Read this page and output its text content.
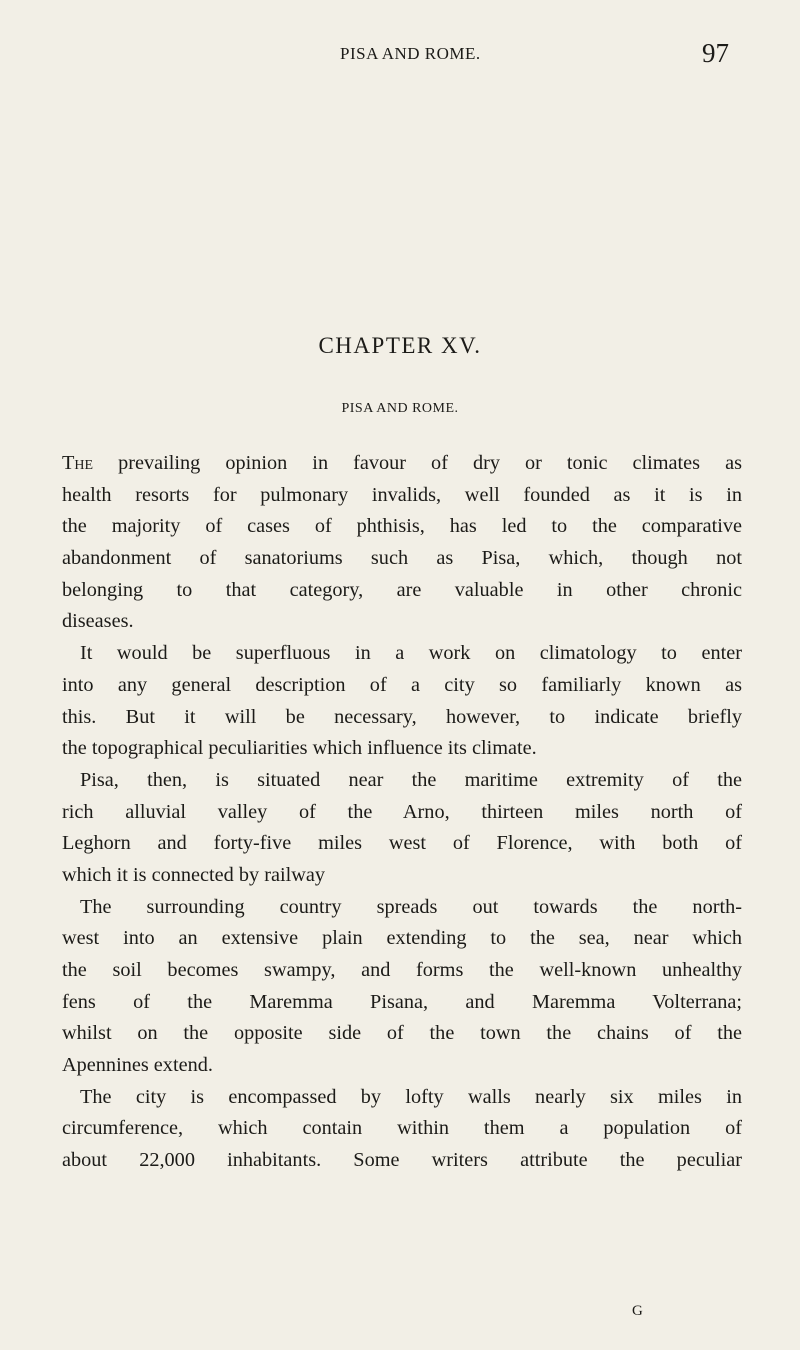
PISA AND ROME.	97
CHAPTER XV.
PISA AND ROME.
The prevailing opinion in favour of dry or tonic climates as
health resorts for pulmonary invalids, well founded as it is in
the majority of cases of phthisis, has led to the comparative
abandonment of sanatoriums such as Pisa, which, though not
belonging to that category, are valuable in other chronic
diseases.
It would be superfluous in a work on climatology to enter
into any general description of a city so familiarly known as
this. But it will be necessary, however, to indicate briefly
the topographical peculiarities which influence its climate.
Pisa, then, is situated near the maritime extremity of the
rich alluvial valley of the Arno, thirteen miles north of
Leghorn and forty-five miles west of Florence, with both of
which it is connected by railway
The surrounding country spreads out towards the north-
west into an extensive plain extending to the sea, near which
the soil becomes swampy, and forms the well-known unhealthy
fens of the Maremma Pisana, and Maremma Volterrana;
whilst on the opposite side of the town the chains of the
Apennines extend.
The city is encompassed by lofty walls nearly six miles in
circumference, which contain within them a population of
about 22,000 inhabitants. Some writers attribute the peculiar
G
